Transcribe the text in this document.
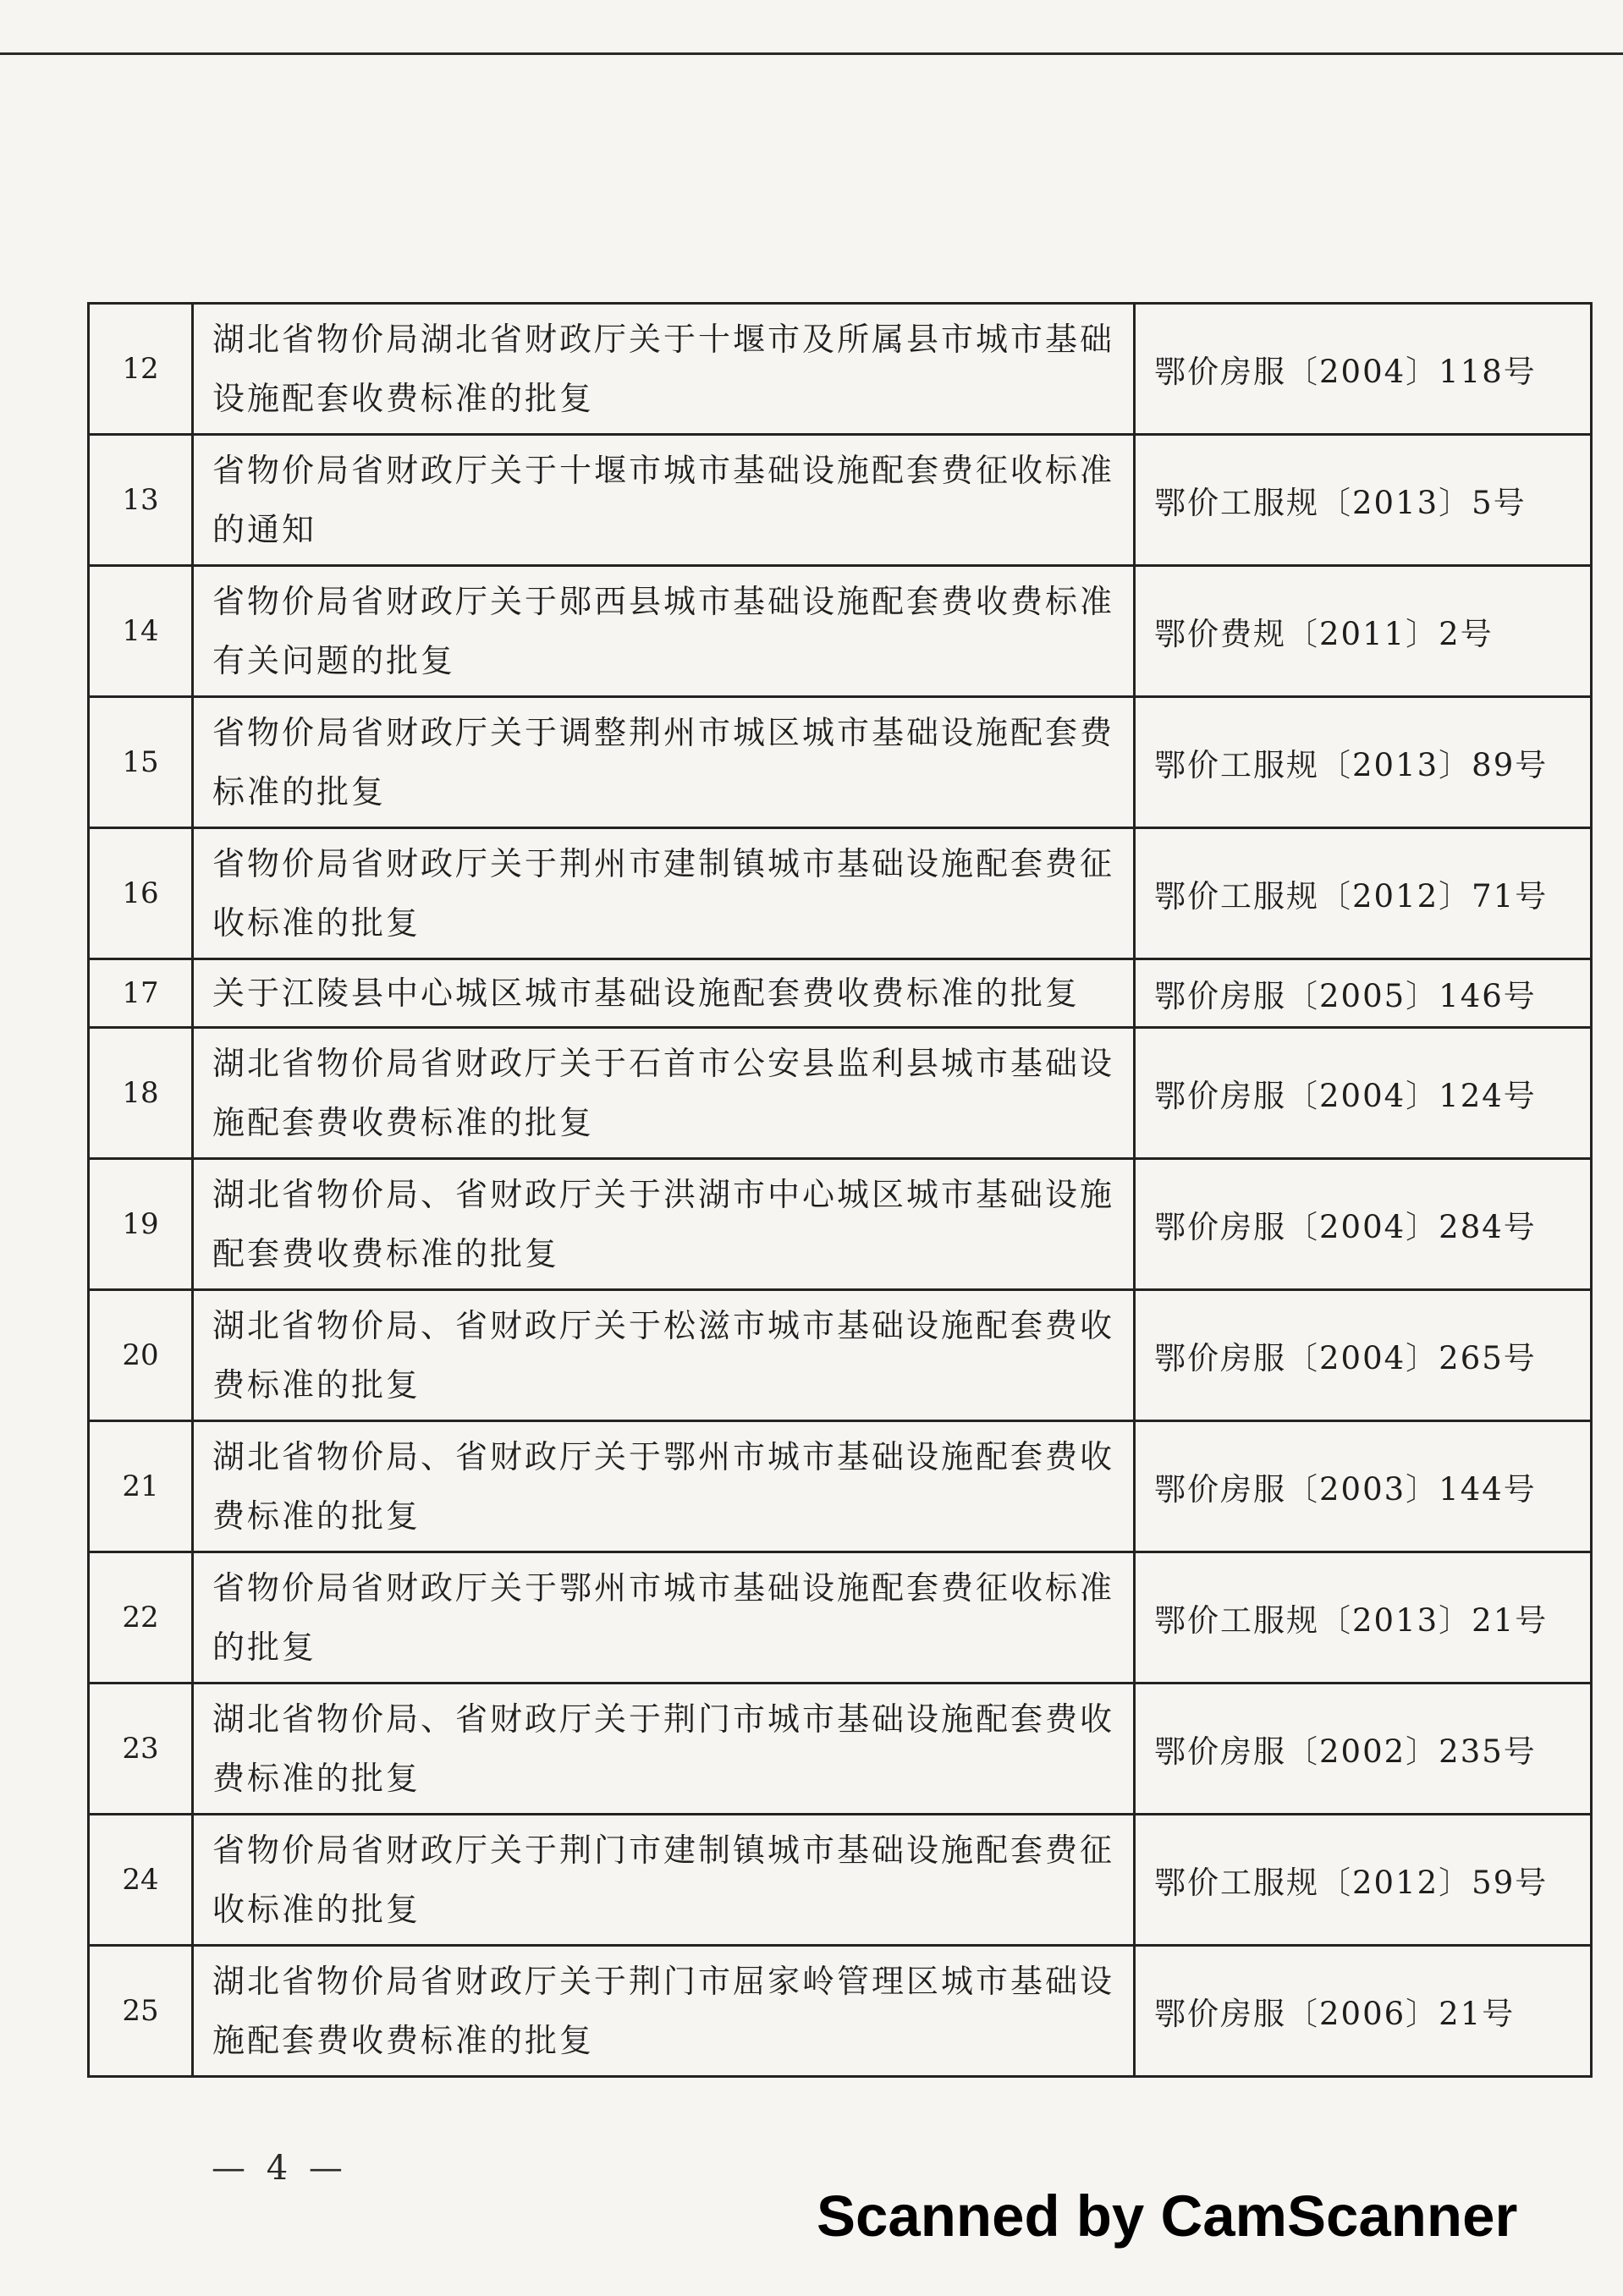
12	湖北省物价局湖北省财政厅关于十堰市及所属县市城市基础设施配套收费标准的批复	鄂价房服〔2004〕118号
13	省物价局省财政厅关于十堰市城市基础设施配套费征收标准的通知	鄂价工服规〔2013〕5号
14	省物价局省财政厅关于郧西县城市基础设施配套费收费标准有关问题的批复	鄂价费规〔2011〕2号
15	省物价局省财政厅关于调整荆州市城区城市基础设施配套费标准的批复	鄂价工服规〔2013〕89号
16	省物价局省财政厅关于荆州市建制镇城市基础设施配套费征收标准的批复	鄂价工服规〔2012〕71号
17	关于江陵县中心城区城市基础设施配套费收费标准的批复	鄂价房服〔2005〕146号
18	湖北省物价局省财政厅关于石首市公安县监利县城市基础设施配套费收费标准的批复	鄂价房服〔2004〕124号
19	湖北省物价局、省财政厅关于洪湖市中心城区城市基础设施配套费收费标准的批复	鄂价房服〔2004〕284号
20	湖北省物价局、省财政厅关于松滋市城市基础设施配套费收费标准的批复	鄂价房服〔2004〕265号
21	湖北省物价局、省财政厅关于鄂州市城市基础设施配套费收费标准的批复	鄂价房服〔2003〕144号
22	省物价局省财政厅关于鄂州市城市基础设施配套费征收标准的批复	鄂价工服规〔2013〕21号
23	湖北省物价局、省财政厅关于荆门市城市基础设施配套费收费标准的批复	鄂价房服〔2002〕235号
24	省物价局省财政厅关于荆门市建制镇城市基础设施配套费征收标准的批复	鄂价工服规〔2012〕59号
25	湖北省物价局省财政厅关于荆门市屈家岭管理区城市基础设施配套费收费标准的批复	鄂价房服〔2006〕21号
— 4 —
Scanned by CamScanner
